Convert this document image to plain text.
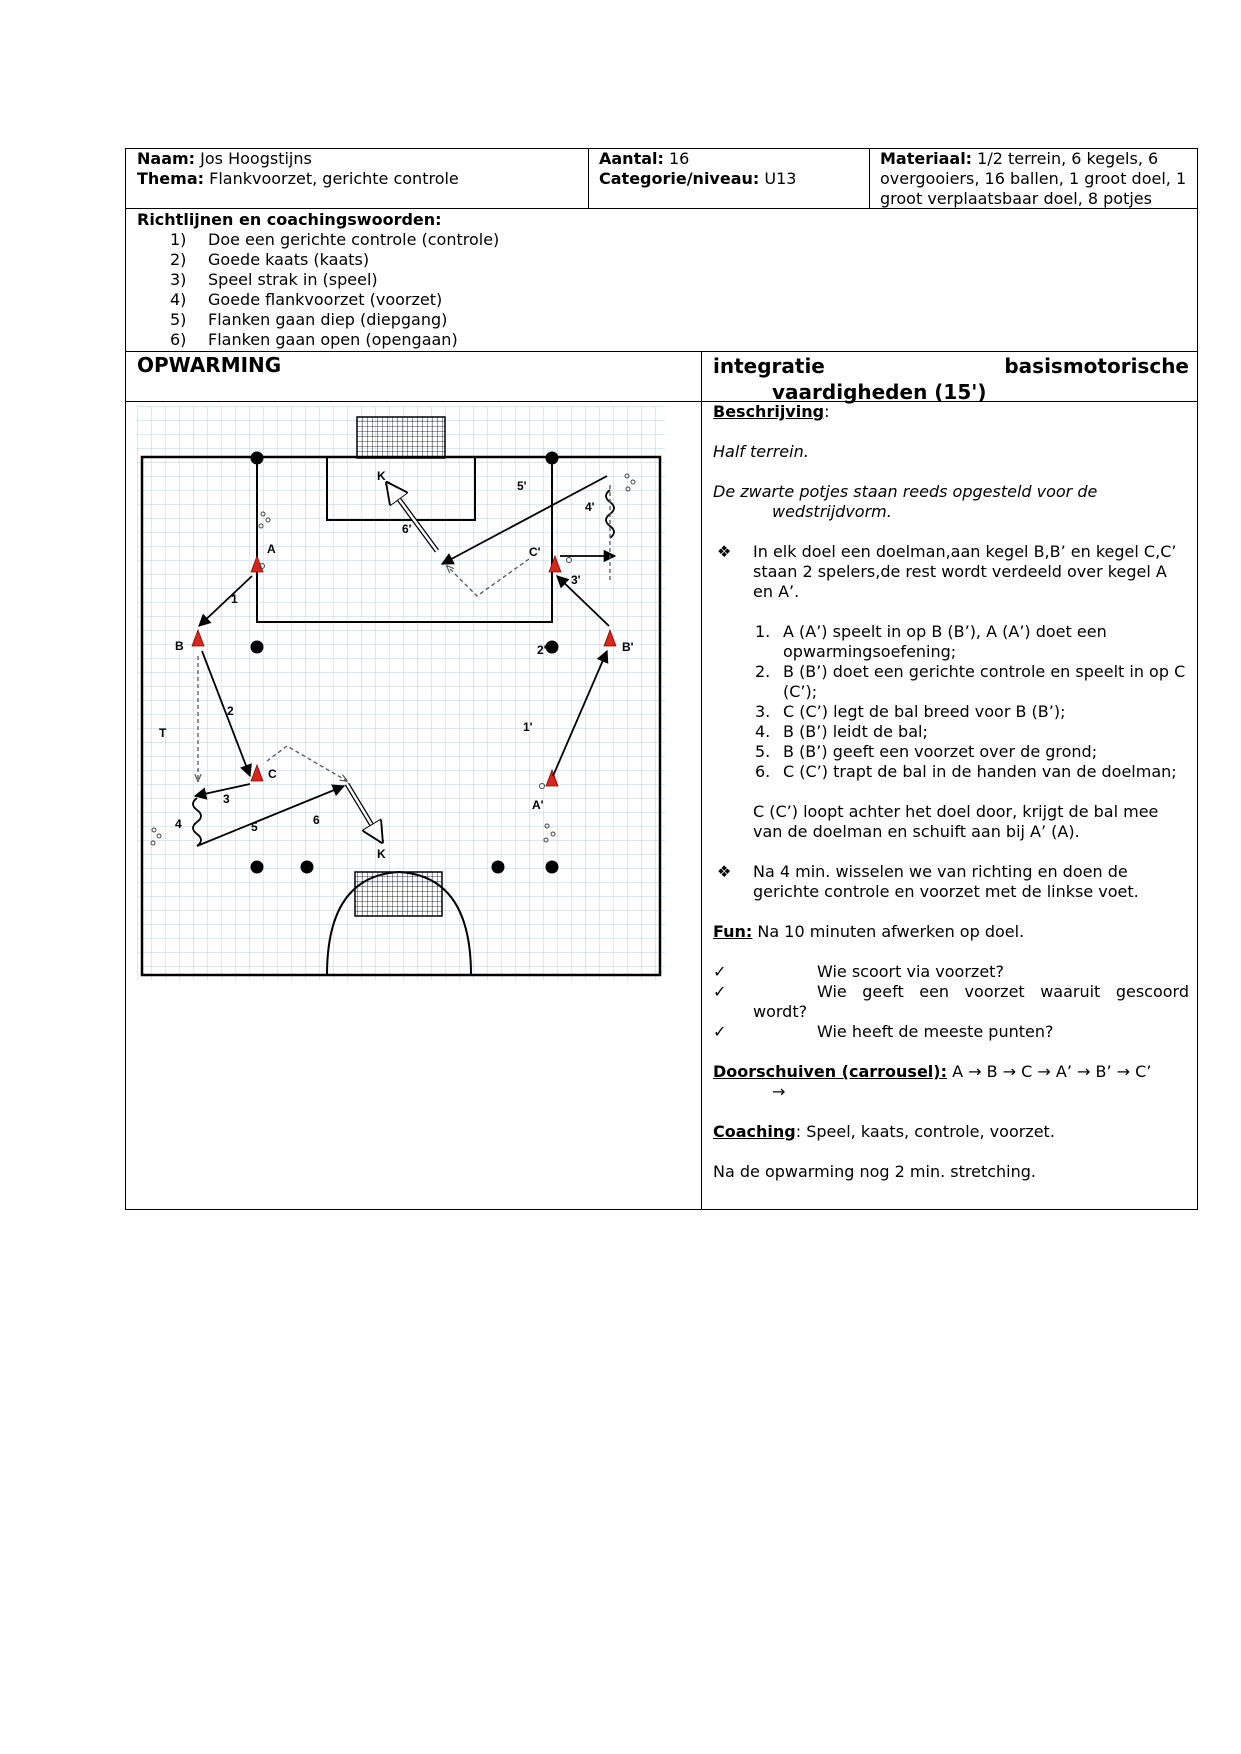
Naam: Jos Hoogstijns
Thema: Flankvoorzet, gerichte controle
Aantal: 16
Categorie/niveau: U13
Materiaal: 1/2 terrein, 6 kegels, 6 overgooiers, 16 ballen, 1 groot doel, 1 groot verplaatsbaar doel, 8 potjes
Richtlijnen en coachingswoorden:
1)	Doe een gerichte controle (controle)
2)	Goede kaats (kaats)
3)	Speel strak in (speel)
4)	Goede flankvoorzet (voorzet)
5)	Flanken gaan diep (diepgang)
6)	Flanken gaan open (opengaan)
OPWARMING	integratie	basismotorische
vaardigheden (15')
A
B
C
C'
B'
A'
K
K
T
1
2
3
4	5	6
1'
2'
3'
4'
5'
6'

Beschrijving:

Half terrein.

De zwarte potjes staan reeds opgesteld voor de

wedstrijdvorm.

❖	In elk doel een doelman,aan kegel B,B’ en kegel C,C’ staan 2 spelers,de rest wordt verdeeld over kegel A en A’.
1. A (A’) speelt in op B (B’), A (A’) doet een opwarmingsoefening;
2. B (B’) doet een gerichte controle en speelt in op C (C’);
3. C (C’) legt de bal breed voor B (B’);
4. B (B’) leidt de bal;
5. B (B’) geeft een voorzet over de grond;
6. C (C’) trapt de bal in de handen van de doelman;

C (C’) loopt achter het doel door, krijgt de bal mee van de doelman en schuift aan bij A’ (A).

❖	Na 4 min. wisselen we van richting en doen de gerichte controle en voorzet met de linkse voet.

Fun: Na 10 minuten afwerken op doel.

✓	Wie scoort via voorzet?
✓	Wie geeft een voorzet waaruit gescoord

wordt?

✓	Wie heeft de meeste punten?

Doorschuiven (carrousel): A → B → C → A’ → B’ → C’

→

Coaching: Speel, kaats, controle, voorzet.

Na de opwarming nog 2 min. stretching.
